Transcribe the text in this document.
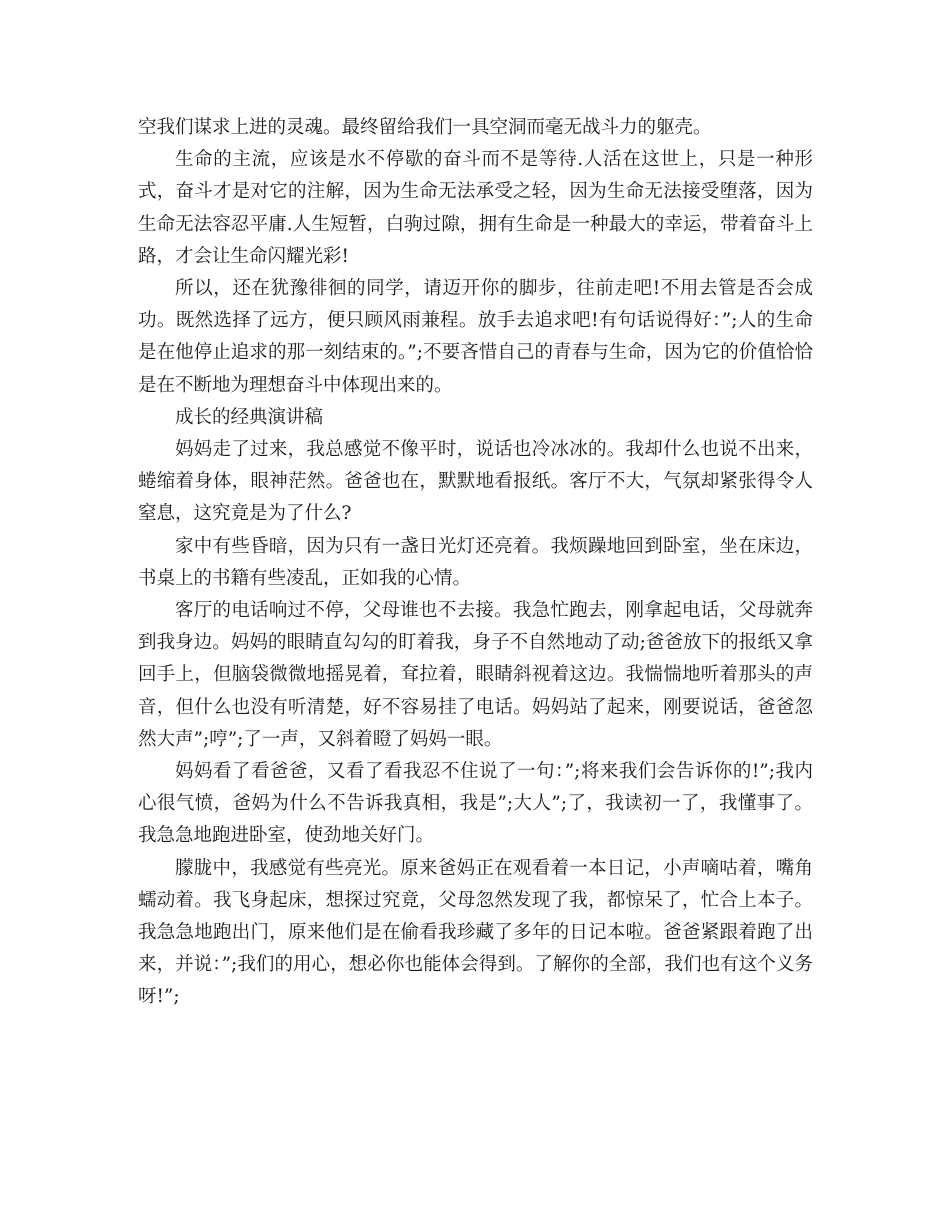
空我们谋求上进的灵魂。最终留给我们一具空洞而毫无战斗力的躯壳。

生命的主流，应该是水不停歇的奋斗而不是等待.人活在这世上，只是一种形式，奋斗才是对它的注解，因为生命无法承受之轻，因为生命无法接受堕落，因为生命无法容忍平庸.人生短暂，白驹过隙，拥有生命是一种最大的幸运，带着奋斗上路，才会让生命闪耀光彩!

所以，还在犹豫徘徊的同学，请迈开你的脚步，往前走吧!不用去管是否会成功。既然选择了远方，便只顾风雨兼程。放手去追求吧!有句话说得好：”;人的生命是在他停止追求的那一刻结束的。”;不要吝惜自己的青春与生命，因为它的价值恰恰是在不断地为理想奋斗中体现出来的。

成长的经典演讲稿

妈妈走了过来，我总感觉不像平时，说话也冷冰冰的。我却什么也说不出来，蜷缩着身体，眼神茫然。爸爸也在，默默地看报纸。客厅不大，气氛却紧张得令人窒息，这究竟是为了什么?

家中有些昏暗，因为只有一盏日光灯还亮着。我烦躁地回到卧室，坐在床边，书桌上的书籍有些凌乱，正如我的心情。

客厅的电话响过不停，父母谁也不去接。我急忙跑去，刚拿起电话，父母就奔到我身边。妈妈的眼睛直勾勾的盯着我，身子不自然地动了动;爸爸放下的报纸又拿回手上，但脑袋微微地摇晃着，耷拉着，眼睛斜视着这边。我惴惴地听着那头的声音，但什么也没有听清楚，好不容易挂了电话。妈妈站了起来，刚要说话，爸爸忽然大声”;哼”;了一声，又斜着瞪了妈妈一眼。

妈妈看了看爸爸，又看了看我忍不住说了一句：”;将来我们会告诉你的!”;我内心很气愤，爸妈为什么不告诉我真相，我是”;大人”;了，我读初一了，我懂事了。我急急地跑进卧室，使劲地关好门。

朦胧中，我感觉有些亮光。原来爸妈正在观看着一本日记，小声嘀咕着，嘴角蠕动着。我飞身起床，想探过究竟，父母忽然发现了我，都惊呆了，忙合上本子。我急急地跑出门，原来他们是在偷看我珍藏了多年的日记本啦。爸爸紧跟着跑了出来，并说：”;我们的用心，想必你也能体会得到。了解你的全部，我们也有这个义务呀!”;
